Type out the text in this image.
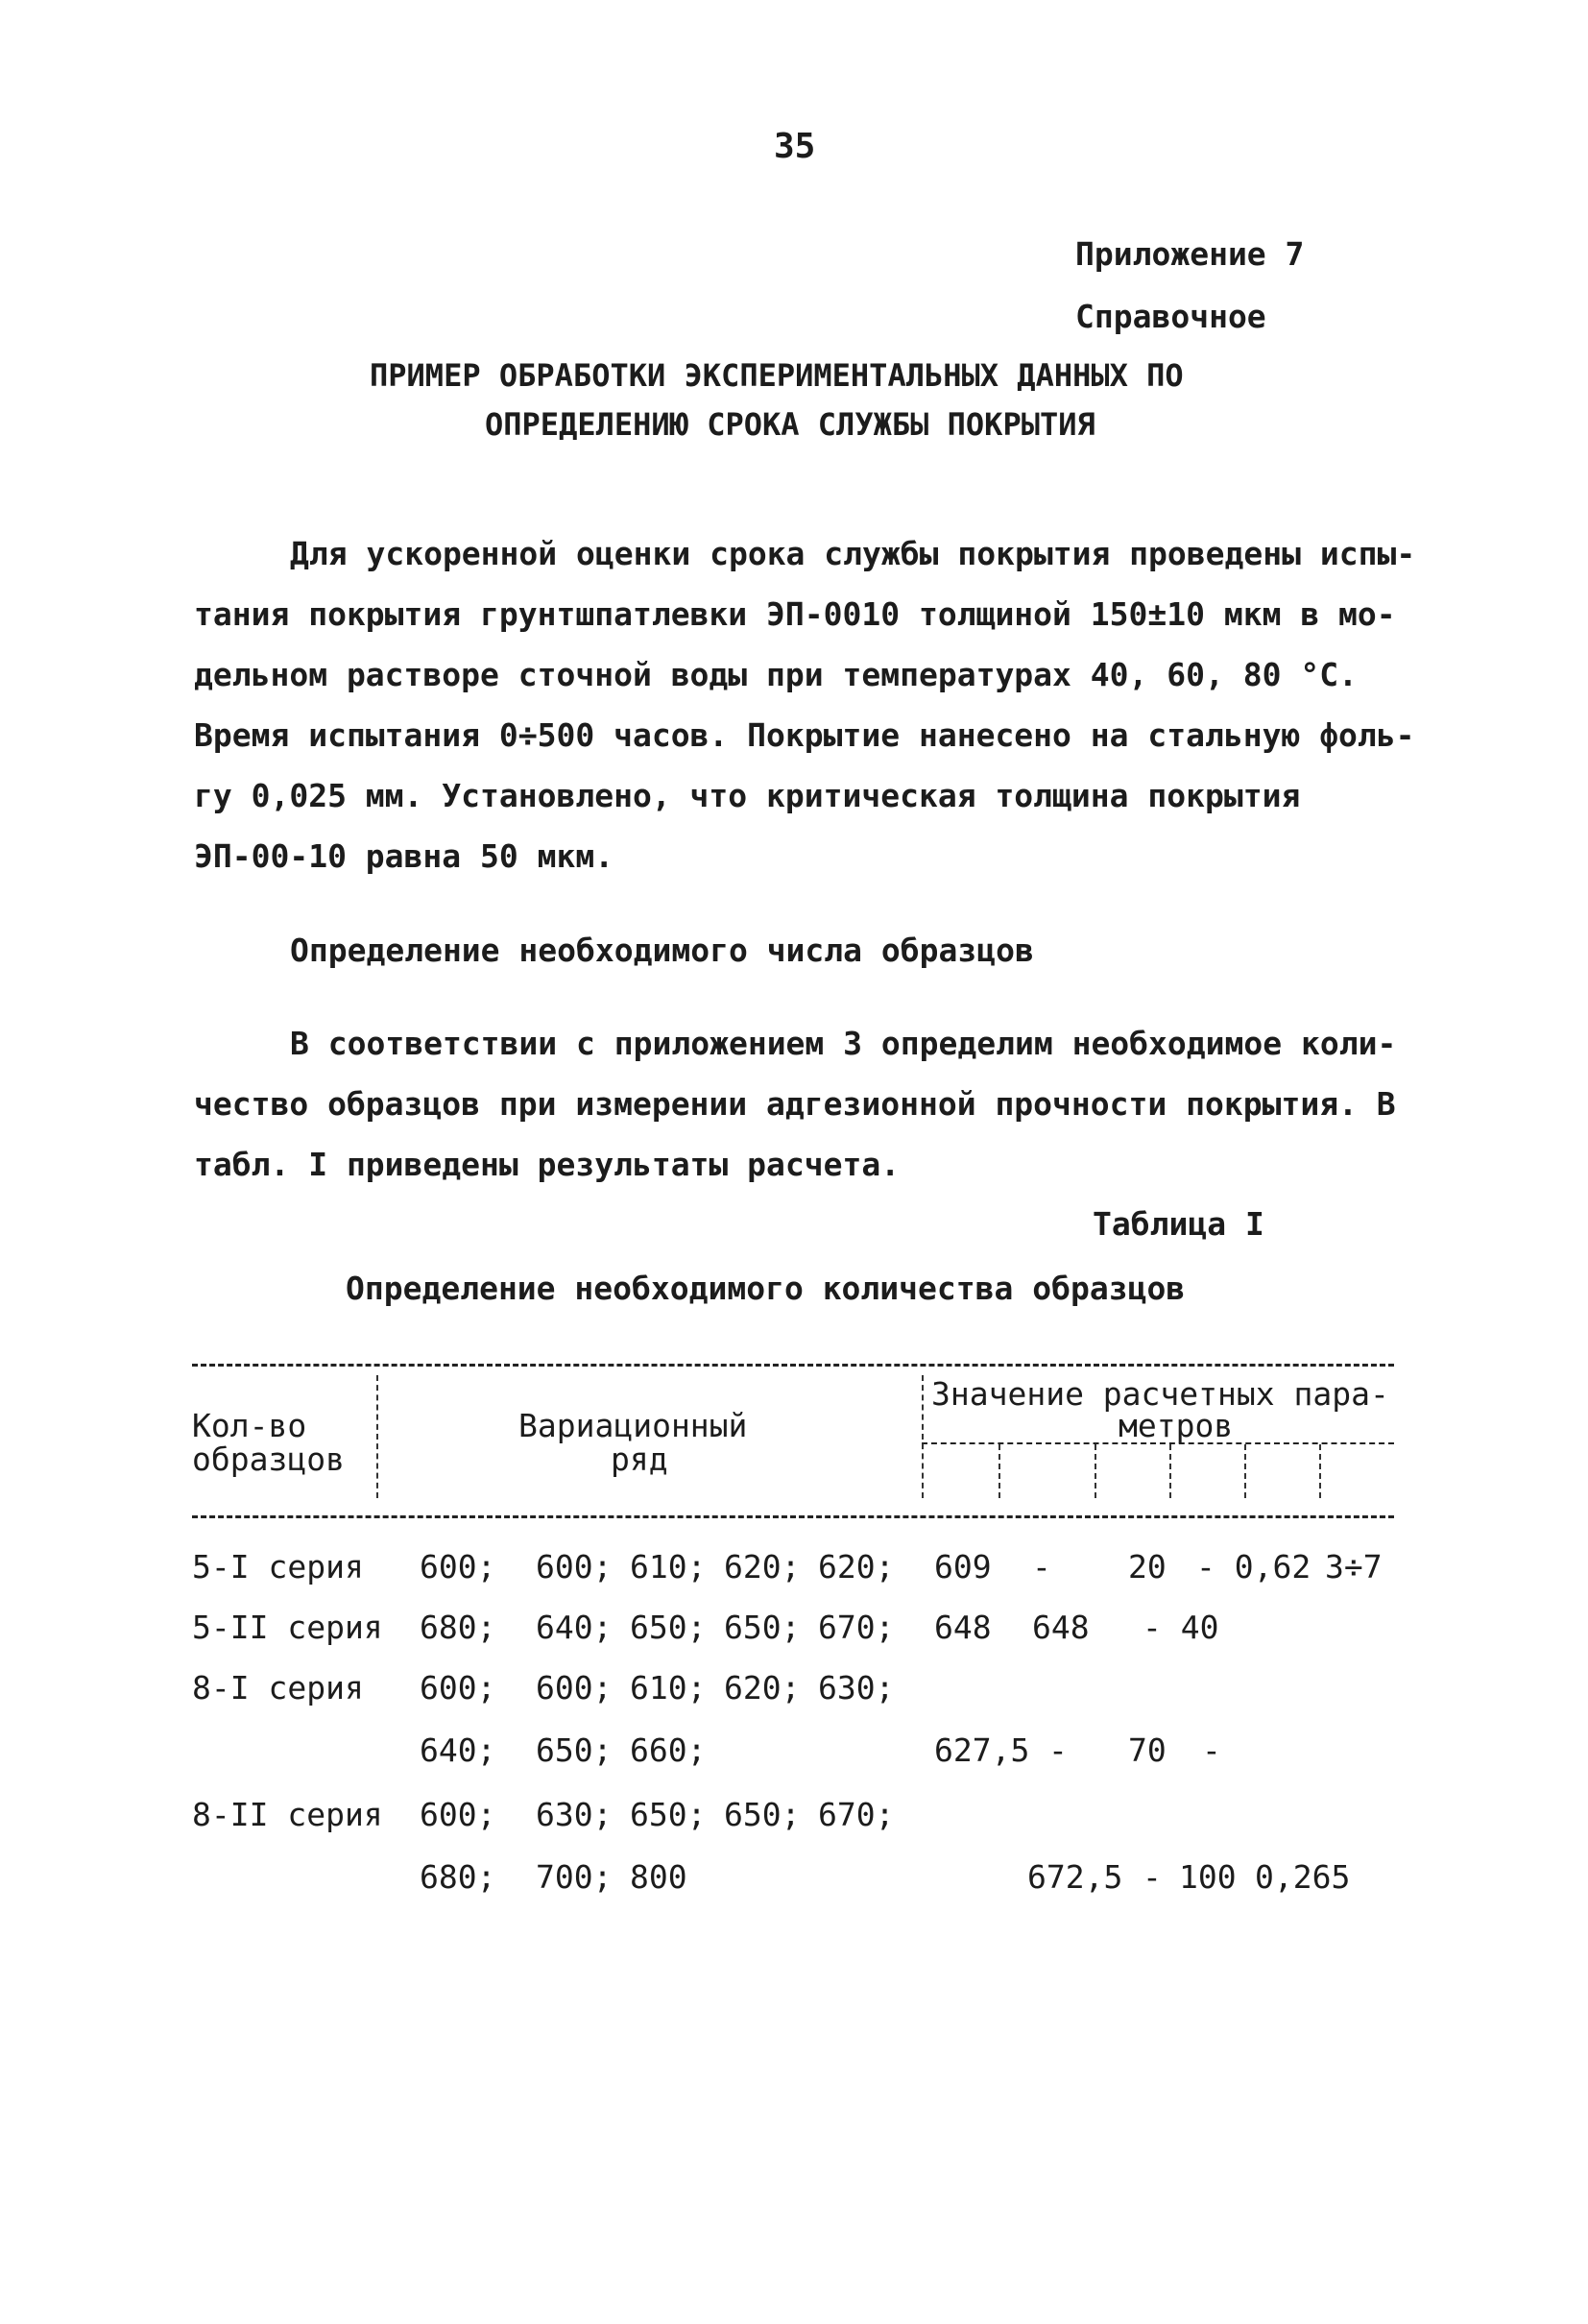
35
Приложение 7
Справочное
ПРИМЕР ОБРАБОТКИ ЭКСПЕРИМЕНТАЛЬНЫХ ДАННЫХ ПО
ОПРЕДЕЛЕНИЮ СРОКА СЛУЖБЫ ПОКРЫТИЯ
Для ускоренной оценки срока службы покрытия проведены испы-
тания покрытия грунтшпатлевки ЭП-0010 толщиной 150±10 мкм в мо-
дельном растворе сточной воды при температурах 40, 60, 80 °С.
Время испытания 0÷500 часов. Покрытие нанесено на стальную фоль-
гу 0,025 мм. Установлено, что критическая толщина покрытия
ЭП-00-10 равна 50 мкм.
Определение необходимого числа образцов
В соответствии с приложением 3 определим необходимое коли-
чество образцов при измерении адгезионной прочности покрытия. В
табл. I приведены результаты расчета.
Таблица I
Определение необходимого количества образцов
Кол-во
образцов
Вариационный
ряд
Значение расчетных пара-
метров
5-I серия 600; 600; 610; 620; 620; 609 - 20 - 0,62 3÷7
5-II серия 680; 640; 650; 650; 670; 648 648 - 40
8-I серия 600; 600; 610; 620; 630;
640; 650; 660;	627,5 - 70 -
8-II серия 600; 630; 650; 650; 670;
680; 700; 800	672,5 - 100 0,265
